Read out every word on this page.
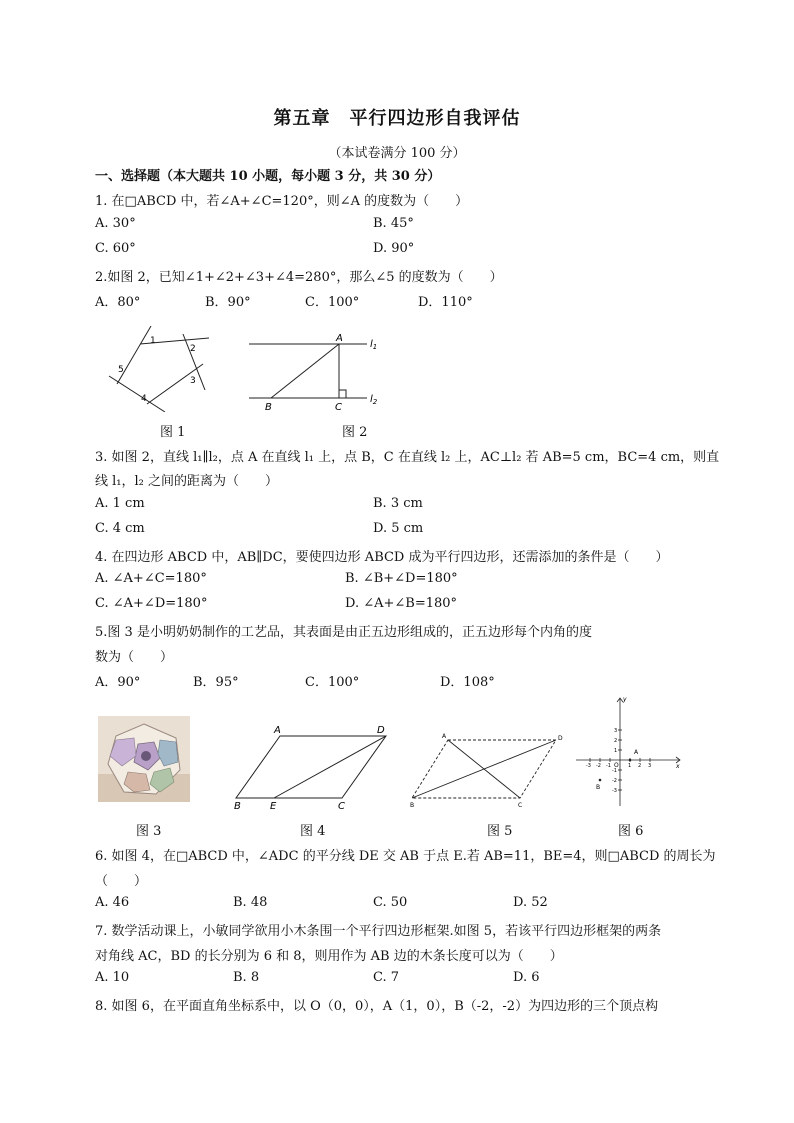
第五章　平行四边形自我评估
（本试卷满分 100 分）
一、选择题（本大题共 10 小题，每小题 3 分，共 30 分）
1. 在□ABCD 中，若∠A+∠C=120°，则∠A 的度数为（　　）
A. 30°	B. 45°
C. 60°	D. 90°
2.如图 2，已知∠1+∠2+∠3+∠4=280°，那么∠5 的度数为（　　）
A．80°	B．90°	C．100°	D．110°
1
2
3
4
5
A
B	C
$l_1$
$l_2$
图 1	图 2
3. 如图 2，直线 l₁∥l₂，点 A 在直线 l₁ 上，点 B，C 在直线 l₂ 上，AC⊥l₂ 若 AB=5 cm，BC=4 cm，则直
线 l₁，l₂ 之间的距离为（　　）
A. 1 cm	B. 3 cm
C. 4 cm	D. 5 cm
4. 在四边形 ABCD 中，AB∥DC，要使四边形 ABCD 成为平行四边形，还需添加的条件是（　　）
A. ∠A+∠C=180°	B. ∠B+∠D=180°
C. ∠A+∠D=180°	D. ∠A+∠B=180°
5.图 3 是小明奶奶制作的工艺品，其表面是由正五边形组成的，正五边形每个内角的度
数为（　　）
A．90°	B．95°	C．100°	D．108°
A	D
B	E	C
A	D
B	C
y
x
O
A
B
-3 -2 -1	1 2 3
3
2
1
-1
-2
-3
图 3	图 4	图 5	图 6
6. 如图 4，在□ABCD 中，∠ADC 的平分线 DE 交 AB 于点 E.若 AB=11，BE=4，则□ABCD 的周长为
（　　）
A. 46	B. 48	C. 50	D. 52
7. 数学活动课上，小敏同学欲用小木条围一个平行四边形框架.如图 5，若该平行四边形框架的两条
对角线 AC，BD 的长分别为 6 和 8，则用作为 AB 边的木条长度可以为（　　）
A. 10	B. 8	C. 7	D. 6
8. 如图 6，在平面直角坐标系中，以 O（0，0），A（1，0），B（-2，-2）为四边形的三个顶点构
